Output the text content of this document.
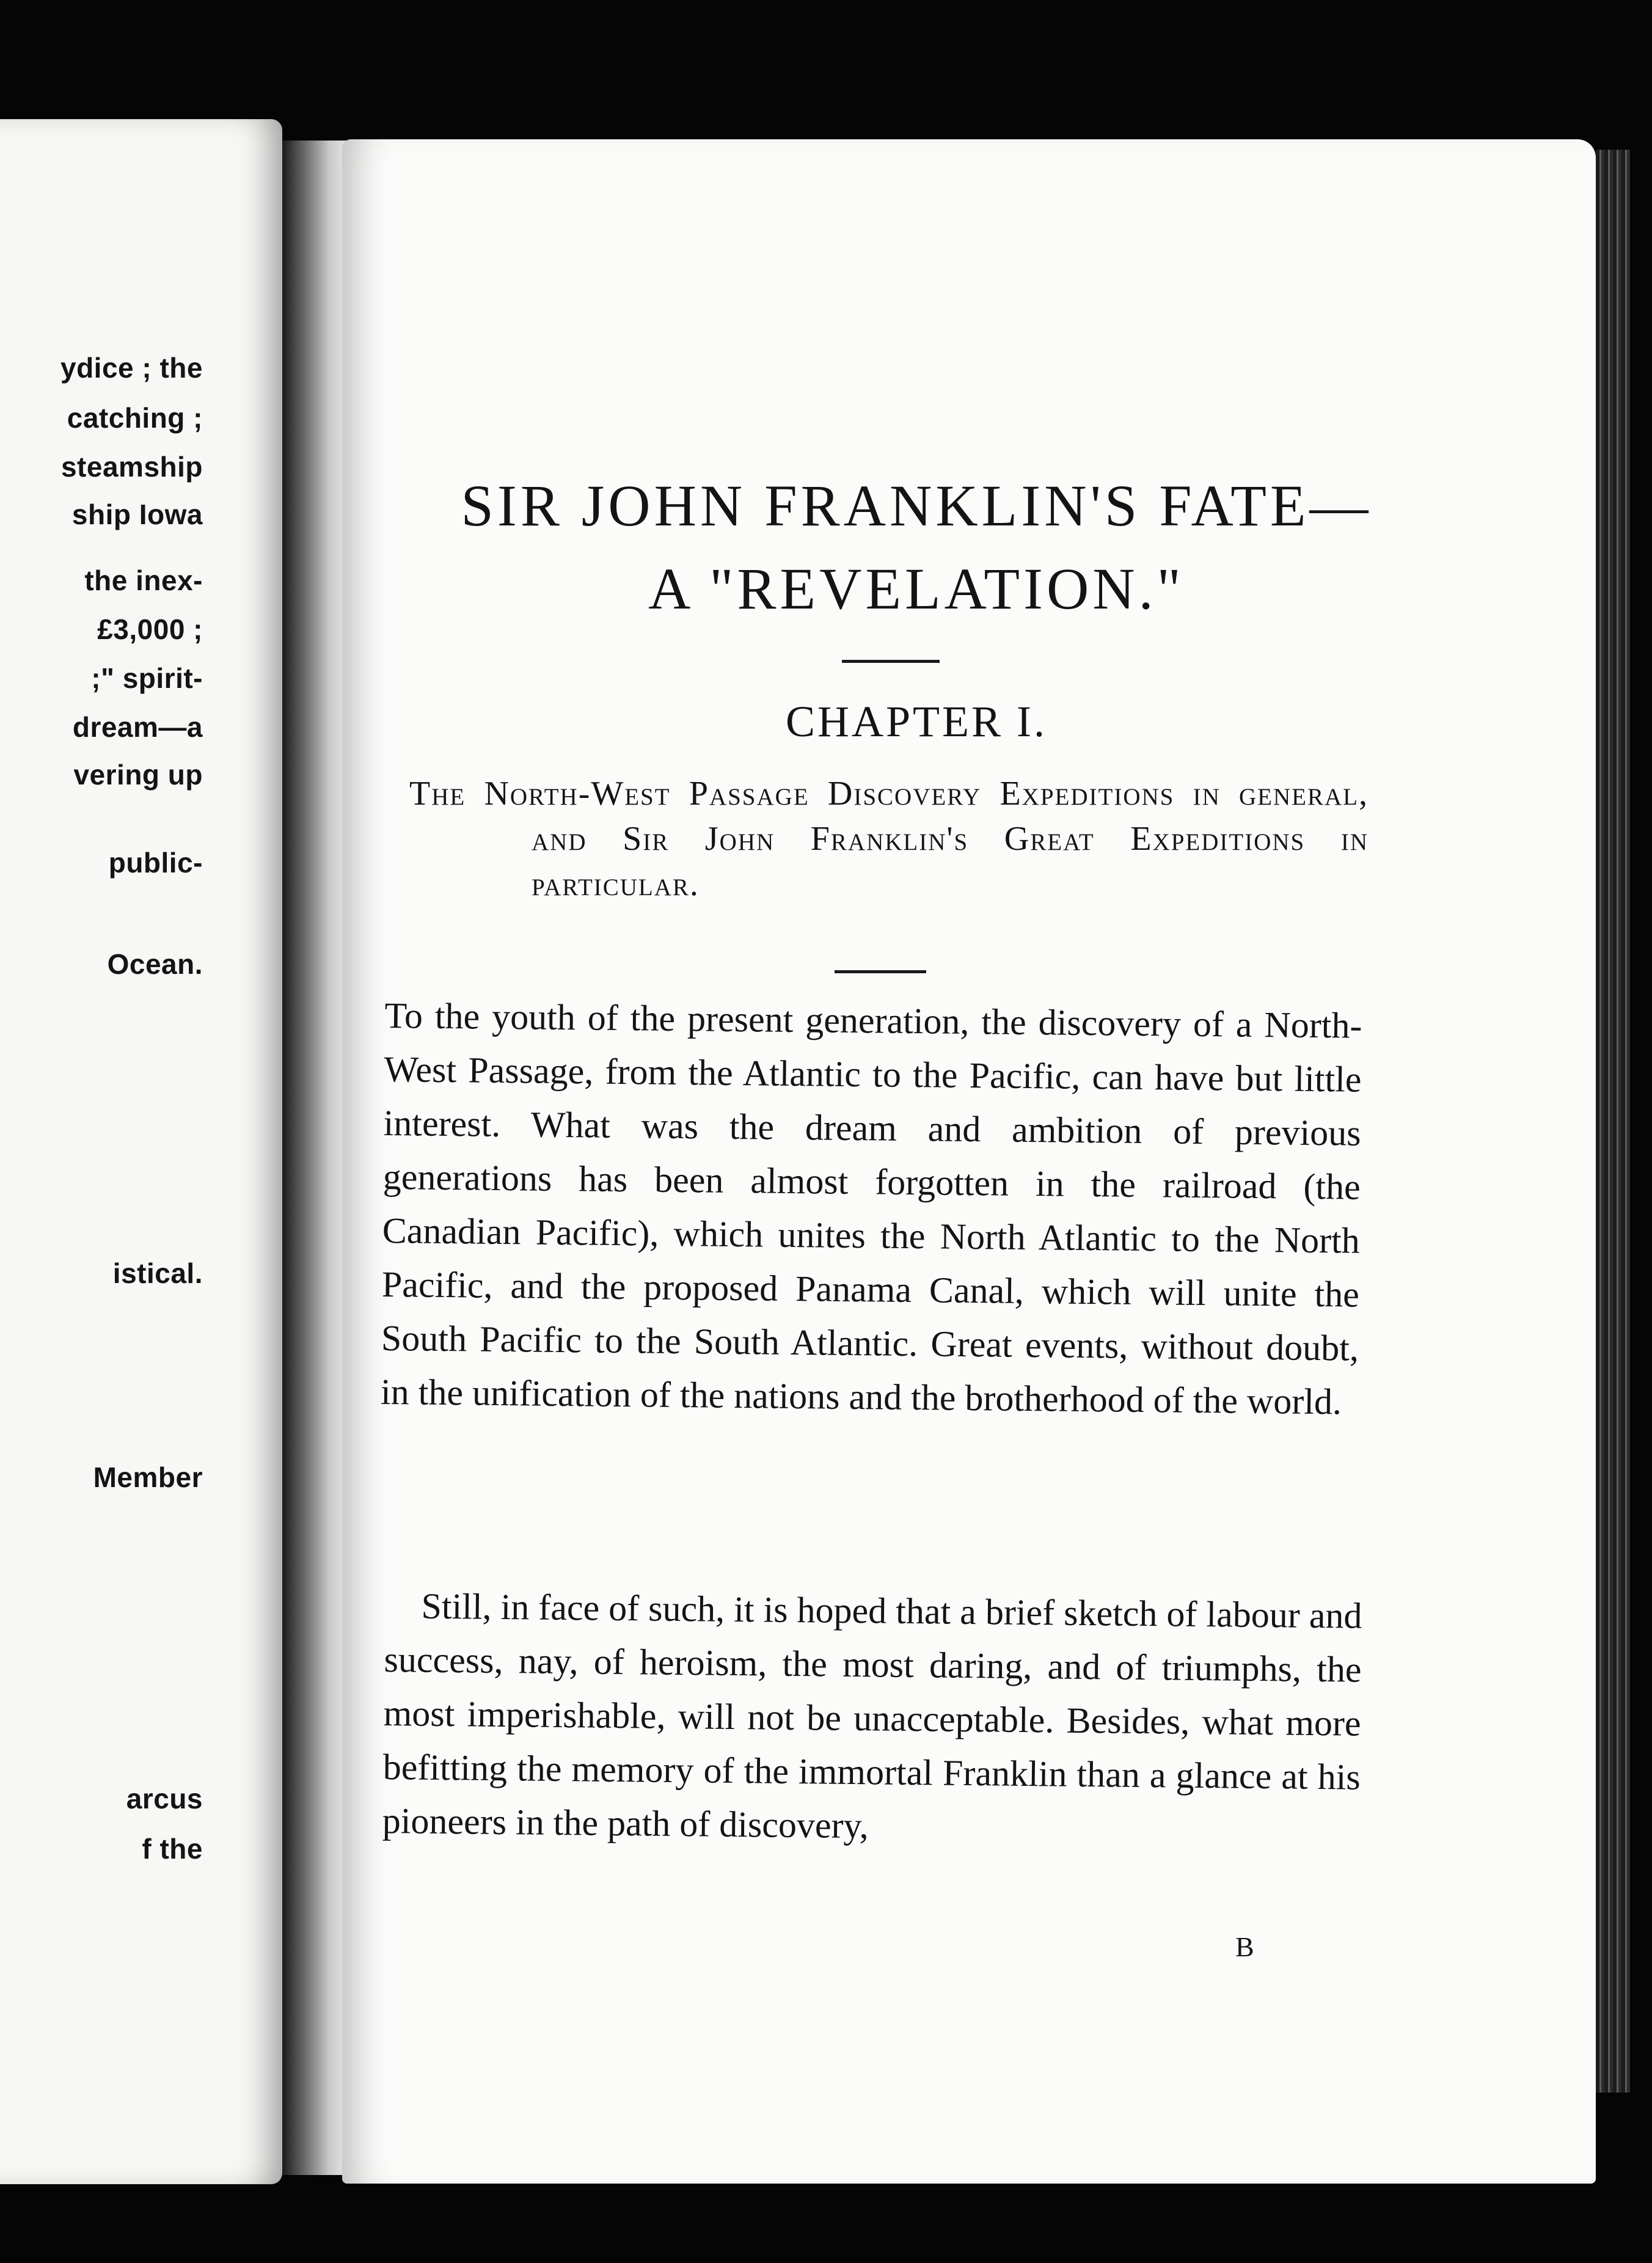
ydice ; the
catching ;
steamship
ship Iowa
the inex-
£3,000 ;
;" spirit-
dream—a
vering up
public-
Ocean.
istical.
Member
arcus
f the
SIR JOHN FRANKLIN'S FATE—
A "REVELATION."
CHAPTER I.
The North-West Passage Discovery Expeditions in general, and Sir John Franklin's Great Expeditions in particular.
To the youth of the present generation, the discovery of a North-West Passage, from the Atlantic to the Pacific, can have but little interest. What was the dream and ambition of previous generations has been almost forgotten in the railroad (the Canadian Pacific), which unites the North Atlantic to the North Pacific, and the proposed Panama Canal, which will unite the South Pacific to the South Atlantic. Great events, without doubt, in the unification of the nations and the brotherhood of the world.
Still, in face of such, it is hoped that a brief sketch of labour and success, nay, of heroism, the most daring, and of triumphs, the most imperishable, will not be unacceptable. Besides, what more befitting the memory of the immortal Franklin than a glance at his pioneers in the path of discovery,
B
